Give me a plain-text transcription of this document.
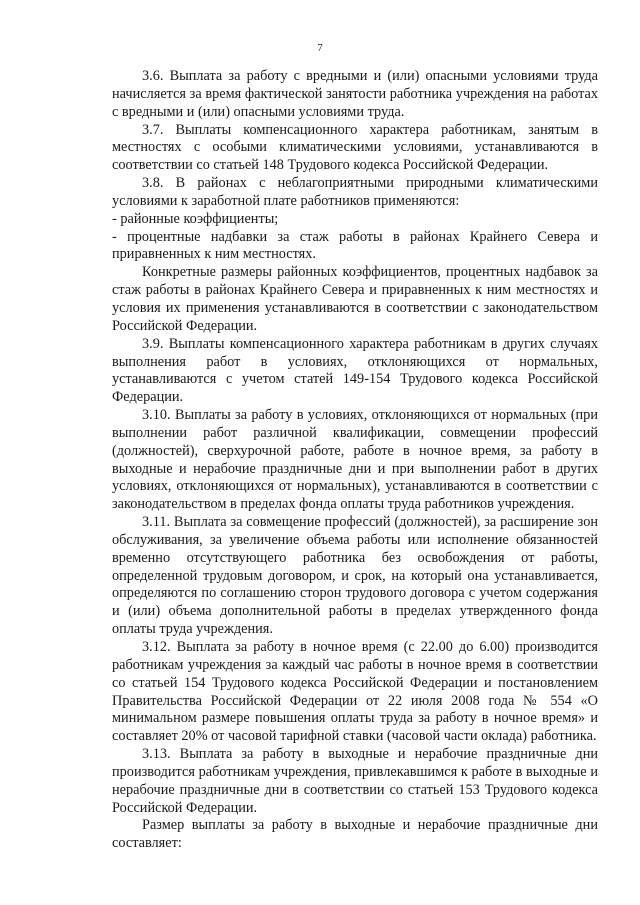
7

3.6. Выплата за работу с вредными и (или) опасными условиями труда начисляется за время фактической занятости работника учреждения на работах с вредными и (или) опасными условиями труда.

3.7. Выплаты компенсационного характера работникам, занятым в местностях с особыми климатическими условиями, устанавливаются в соответствии со статьей 148 Трудового кодекса Российской Федерации.

3.8. В районах с неблагоприятными природными климатическими условиями к заработной плате работников применяются:

- районные коэффициенты;

- процентные надбавки за стаж работы в районах Крайнего Севера и приравненных к ним местностях.

Конкретные размеры районных коэффициентов, процентных надбавок за стаж работы в районах Крайнего Севера и приравненных к ним местностях и условия их применения устанавливаются в соответствии с законодательством Российской Федерации.

3.9. Выплаты компенсационного характера работникам в других случаях выполнения работ в условиях, отклоняющихся от нормальных, устанавливаются с учетом статей 149-154 Трудового кодекса Российской Федерации.

3.10. Выплаты за работу в условиях, отклоняющихся от нормальных (при выполнении работ различной квалификации, совмещении профессий (должностей), сверхурочной работе, работе в ночное время, за работу в выходные и нерабочие праздничные дни и при выполнении работ в других условиях, отклоняющихся от нормальных), устанавливаются в соответствии с законодательством в пределах фонда оплаты труда работников учреждения.

3.11. Выплата за совмещение профессий (должностей), за расширение зон обслуживания, за увеличение объема работы или исполнение обязанностей временно отсутствующего работника без освобождения от работы, определенной трудовым договором, и срок, на который она устанавливается, определяются по соглашению сторон трудового договора с учетом содержания и (или) объема дополнительной работы в пределах утвержденного фонда оплаты труда учреждения.

3.12. Выплата за работу в ночное время (с 22.00 до 6.00) производится работникам учреждения за каждый час работы в ночное время в соответствии со статьей 154 Трудового кодекса Российской Федерации и постановлением Правительства Российской Федерации от 22 июля 2008 года № 554 «О минимальном размере повышения оплаты труда за работу в ночное время» и составляет 20% от часовой тарифной ставки (часовой части оклада) работника.

3.13. Выплата за работу в выходные и нерабочие праздничные дни производится работникам учреждения, привлекавшимся к работе в выходные и нерабочие праздничные дни в соответствии со статьей 153 Трудового кодекса Российской Федерации.

Размер выплаты за работу в выходные и нерабочие праздничные дни составляет:
